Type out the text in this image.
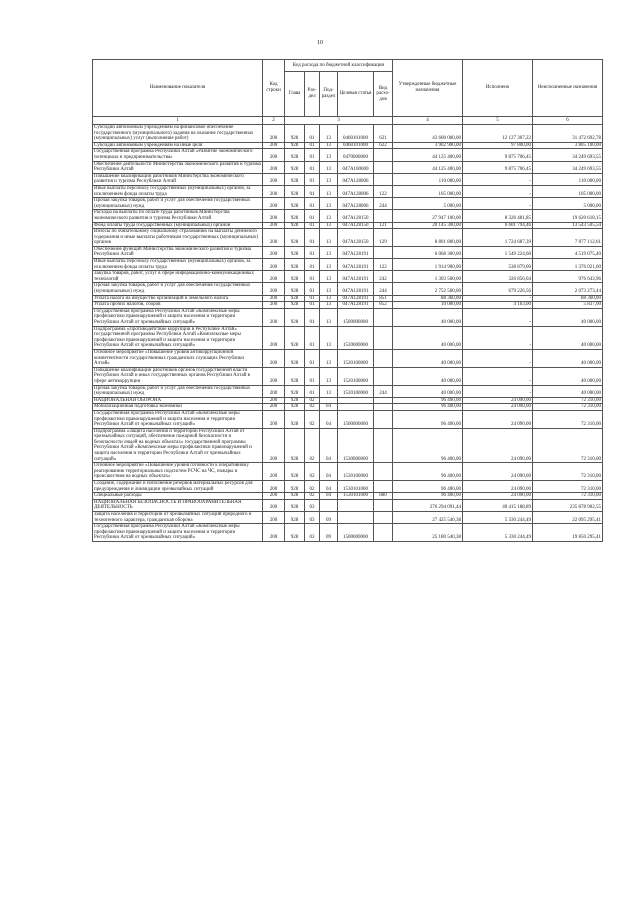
10
Наименование показателя	Код строки	Код расхода по бюджетной классификации					Утвержденные бюджетные назначения	Исполнено	Неисполненные назначения
		Глава	Раз-дел	Под-раздел	Целевая статья	Вид расхо-дов			
1	2	3					4	5	6
Субсидии автономным учреждениям на финансовое обеспечение государственного (муниципального) задания на оказание государственных (муниципальных) услуг (выполнение работ)	200	928	01	13	0460101000	621	43 600 000,00	12 127 307,22	31 472 692,78
Субсидии автономным учреждениям на иные цели	200	928	01	13	0460101000	622	3 902 900,00	97 800,00	3 805 100,00
Государственная программа Республики Алтай «Развитие экономического потенциала и предпринимательства»	200	928	01	13	0470000000		44 125 400,00	9 875 706,45	34 249 693,55
Обеспечение деятельности Министерства экономического развития и туризма Республики Алтай	200	928	01	13	047А100000		44 125 400,00	9 875 706,45	34 249 693,55
Повышение квалификации работников Министерства экономического развития и туризма Республики Алтай	200	928	01	13	047А128006		110 000,00	-	110 000,00
Иные выплаты персоналу государственных (муниципальных) органов, за исключением фонда оплаты труда	200	928	01	13	047А128006	122	105 000,00	-	105 000,00
Прочая закупка товаров, работ и услуг для обеспечения государственных (муниципальных) нужд	200	928	01	13	047А128006	244	5 000,00	-	5 000,00
Расходы на выплаты по оплате труда работников Министерства экономического развития и туризма Республики Алтай	200	928	01	13	047А128150		27 947 100,00	8 326 481,85	19 620 618,15
Фонд оплаты труда государственных (муниципальных) органов	200	928	01	13	047А128150	121	20 145 300,00	6 601 794,46	13 543 505,54
Взносы по обязательному социальному страхованию на выплаты денежного содержания и иные выплаты работникам государственных (муниципальных) органов	200	928	01	13	047А128150	129	8 801 800,00	1 724 687,39	7 077 112,61
Обеспечение функций Министерства экономического развития и туризма Республики Алтай	200	928	01	13	047А128191		6 068 300,00	1 549 224,60	4 519 075,40
Иные выплаты персоналу государственных (муниципальных) органов, за исключением фонда оплаты труда	200	928	01	13	047А128191	122	1 914 900,00	538 879,00	1 376 021,00
Закупка товаров, работ, услуг в сфере информационно-коммуникационных технологий	200	928	01	13	047А128191	242	1 303 500,00	326 856,04	976 643,96
Прочая закупка товаров, работ и услуг для обеспечения государственных (муниципальных) нужд	200	928	01	13	047А128191	244	2 752 500,00	679 226,56	2 073 273,44
Уплата налога на имущество организаций и земельного налога	200	928	01	13	047А128191	851	88 360,00	-	88 360,00
Уплата прочих налогов, сборов	200	928	01	13	047А128191	852	10 000,00	4 163,00	5 837,00
Государственная программа Республики Алтай «Комплексные меры профилактики правонарушений и защита населения и территории Республики Алтай от чрезвычайных ситуаций»	200	928	01	13	1500000000		40 000,00	-	40 000,00
Подпрограмма «Противодействие коррупции в Республике Алтай» государственной программы Республики Алтай «Комплексные меры профилактики правонарушений и защита населения и территории Республики Алтай от чрезвычайных ситуаций»	200	928	01	13	1520000000		40 000,00	-	40 000,00
Основное мероприятие «Повышение уровня антикоррупционной компетентности государственных гражданских служащих Республики Алтай»	200	928	01	13	1520100000		40 000,00	-	40 000,00
Повышение квалификации работников органов государственной власти Республики Алтай и иных государственных органов Республики Алтай в сфере антикоррупции	200	928	01	13	1520100000		40 000,00	-	40 000,00
Прочая закупка товаров, работ и услуг для обеспечения государственных (муниципальных) нужд	200	928	01	13	1520100000	244	40 000,00	-	40 000,00
НАЦИОНАЛЬНАЯ ОБОРОНА	200	928	02				96 400,00	24 090,00	72 310,00
Мобилизационная подготовка экономики	200	928	02	04			96 400,00	24 090,00	72 310,00
Государственная программа Республики Алтай «Комплексные меры профилактики правонарушений и защита населения и территории Республики Алтай от чрезвычайных ситуаций»	200	928	02	04	1500000000		96 400,00	24 090,00	72 310,00
Подпрограмма «Защита населения и территории Республики Алтай от чрезвычайных ситуаций, обеспечение пожарной безопасности и безопасности людей на водных объектах» государственной программы Республики Алтай «Комплексные меры профилактики правонарушений и защита населения и территории Республики Алтай от чрезвычайных ситуаций»	200	928	02	04	1530000000		96 400,00	24 090,00	72 310,00
Основное мероприятие «Повышение уровня готовности к оперативному реагированию территориальных подсистем РСЧС на ЧС, пожары и происшествия на водных объектах»	200	928	02	04	1530100000		96 400,00	24 090,00	72 310,00
Создание, содержание и пополнение резервов материальных ресурсов для предупреждения и ликвидации чрезвычайных ситуаций	200	928	02	04	1530101000		96 400,00	24 090,00	72 310,00
Специальные расходы	200	928	02	04	1530101000	880	96 400,00	24 090,00	72 310,00
НАЦИОНАЛЬНАЯ БЕЗОПАСНОСТЬ И ПРАВООХРАНИТЕЛЬНАЯ ДЕЯТЕЛЬНОСТЬ	200	928	03				276 294 091,44	40 415 188,89	235 878 902,55
Защита населения и территории от чрезвычайных ситуаций природного и техногенного характера, гражданская оборона	200	928	03	09			27 425 540,38	5 330 244,49	22 095 295,41
Государственная программа Республики Алтай «Комплексные меры профилактики правонарушений и защита населения и территории Республики Алтай от чрезвычайных ситуаций»	200	928	03	09	1500000000		25 180 540,38	5 330 244,49	19 850 295,41
